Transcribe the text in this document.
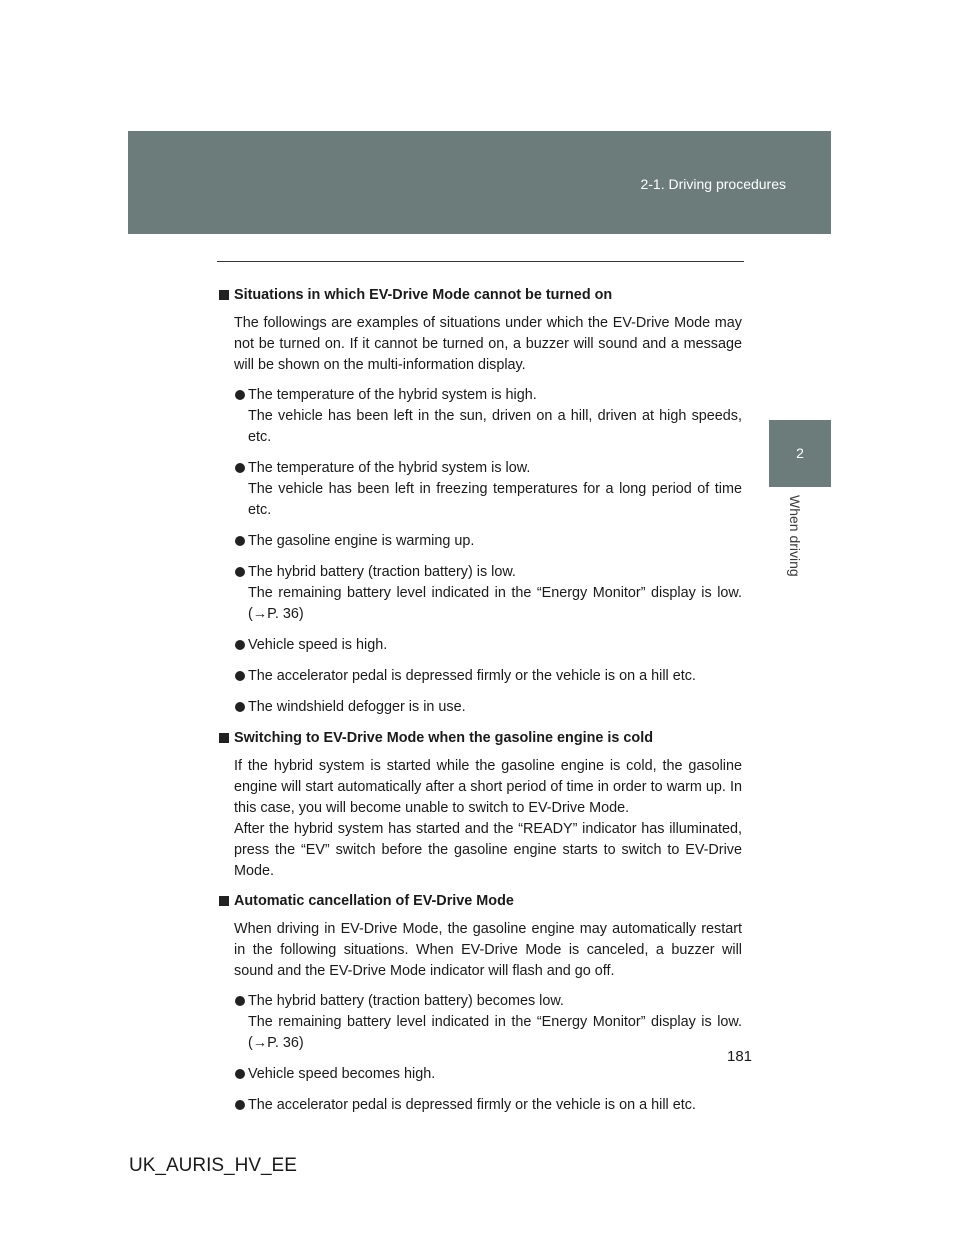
2-1. Driving procedures
2
When driving
Situations in which EV-Drive Mode cannot be turned on
The followings are examples of situations under which the EV-Drive Mode may not be turned on. If it cannot be turned on, a buzzer will sound and a message will be shown on the multi-information display.
The temperature of the hybrid system is high.
The vehicle has been left in the sun, driven on a hill, driven at high speeds, etc.
The temperature of the hybrid system is low.
The vehicle has been left in freezing temperatures for a long period of time etc.
The gasoline engine is warming up.
The hybrid battery (traction battery) is low.
The remaining battery level indicated in the “Energy Monitor” display is low. (→P. 36)
Vehicle speed is high.
The accelerator pedal is depressed firmly or the vehicle is on a hill etc.
The windshield defogger is in use.
Switching to EV-Drive Mode when the gasoline engine is cold
If the hybrid system is started while the gasoline engine is cold, the gasoline engine will start automatically after a short period of time in order to warm up. In this case, you will become unable to switch to EV-Drive Mode.
After the hybrid system has started and the “READY” indicator has illuminated, press the “EV” switch before the gasoline engine starts to switch to EV-Drive Mode.
Automatic cancellation of EV-Drive Mode
When driving in EV-Drive Mode, the gasoline engine may automatically restart in the following situations. When EV-Drive Mode is canceled, a buzzer will sound and the EV-Drive Mode indicator will flash and go off.
The hybrid battery (traction battery) becomes low.
The remaining battery level indicated in the “Energy Monitor” display is low. (→P. 36)
Vehicle speed becomes high.
The accelerator pedal is depressed firmly or the vehicle is on a hill etc.
181
UK_AURIS_HV_EE
